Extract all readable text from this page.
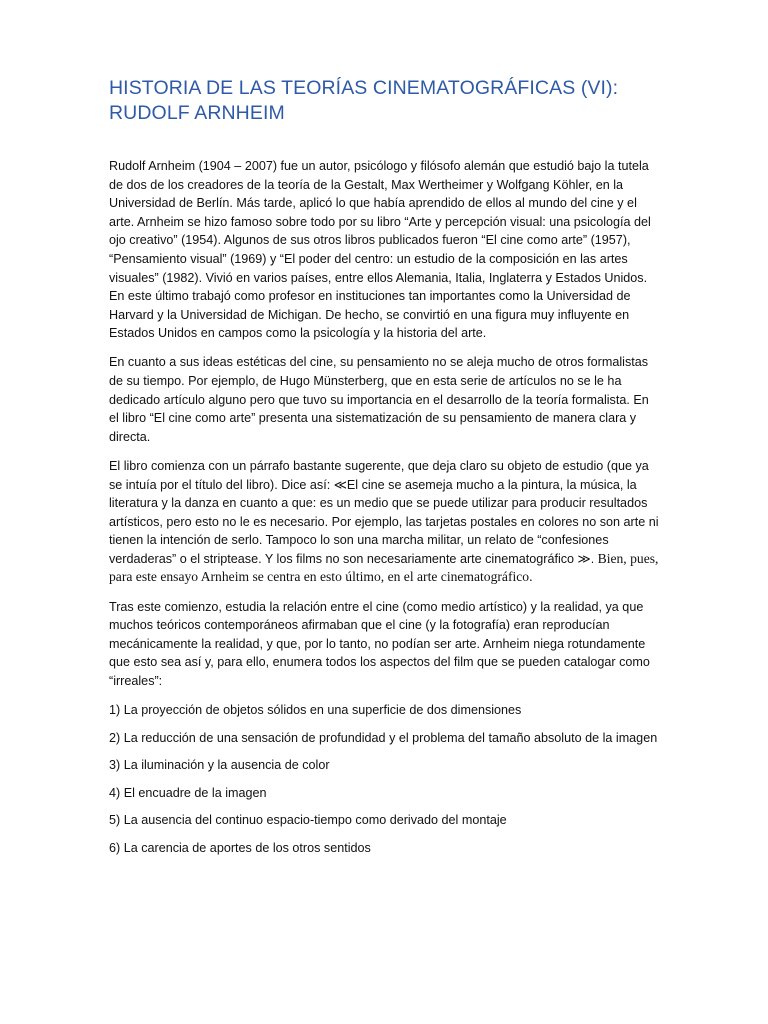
HISTORIA DE LAS TEORÍAS CINEMATOGRÁFICAS (VI): RUDOLF ARNHEIM

Rudolf Arnheim (1904 – 2007) fue un autor, psicólogo y filósofo alemán que estudió bajo la tutela de dos de los creadores de la teoría de la Gestalt, Max Wertheimer y Wolfgang Köhler, en la Universidad de Berlín. Más tarde, aplicó lo que había aprendido de ellos al mundo del cine y el arte. Arnheim se hizo famoso sobre todo por su libro “Arte y percepción visual: una psicología del ojo creativo” (1954). Algunos de sus otros libros publicados fueron “El cine como arte” (1957), “Pensamiento visual” (1969) y “El poder del centro: un estudio de la composición en las artes visuales” (1982). Vivió en varios países, entre ellos Alemania, Italia, Inglaterra y Estados Unidos. En este último trabajó como profesor en instituciones tan importantes como la Universidad de Harvard y la Universidad de Michigan. De hecho, se convirtió en una figura muy influyente en Estados Unidos en campos como la psicología y la historia del arte.

En cuanto a sus ideas estéticas del cine, su pensamiento no se aleja mucho de otros formalistas de su tiempo. Por ejemplo, de Hugo Münsterberg, que en esta serie de artículos no se le ha dedicado artículo alguno pero que tuvo su importancia en el desarrollo de la teoría formalista. En el libro “El cine como arte” presenta una sistematización de su pensamiento de manera clara y directa.

El libro comienza con un párrafo bastante sugerente, que deja claro su objeto de estudio (que ya se intuía por el título del libro). Dice así: ≪El cine se asemeja mucho a la pintura, la música, la literatura y la danza en cuanto a que: es un medio que se puede utilizar para producir resultados artísticos, pero esto no le es necesario. Por ejemplo, las tarjetas postales en colores no son arte ni tienen la intención de serlo. Tampoco lo son una marcha militar, un relato de “confesiones verdaderas” o el striptease. Y los films no son necesariamente arte cinematográfico ≫. Bien, pues, para este ensayo Arnheim se centra en esto último, en el arte cinematográfico.

Tras este comienzo, estudia la relación entre el cine (como medio artístico) y la realidad, ya que muchos teóricos contemporáneos afirmaban que el cine (y la fotografía) eran reproducían mecánicamente la realidad, y que, por lo tanto, no podían ser arte. Arnheim niega rotundamente que esto sea así y, para ello, enumera todos los aspectos del film que se pueden catalogar como “irreales”:

1) La proyección de objetos sólidos en una superficie de dos dimensiones

2) La reducción de una sensación de profundidad y el problema del tamaño absoluto de la imagen

3) La iluminación y la ausencia de color

4) El encuadre de la imagen

5) La ausencia del continuo espacio-tiempo como derivado del montaje

6) La carencia de aportes de los otros sentidos
